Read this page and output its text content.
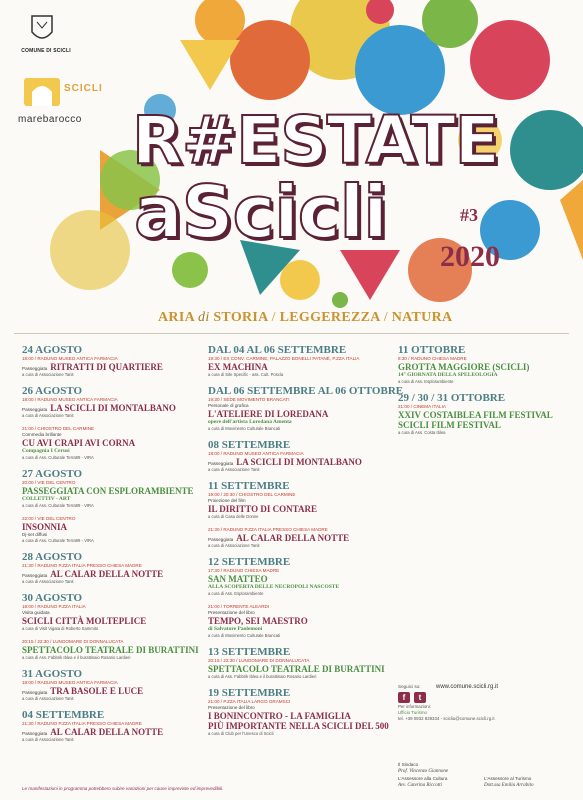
COMUNE DI SCICLI
SCICLI
marebarocco R#ESTATE
aScicli	#3
2020
ARIA di STORIA / LEGGEREZZA / NATURA
24 AGOSTO
18:00 / RADUNO MUSEO ANTICA FARMACIA
Passeggiata RITRATTI DI QUARTIERE
a cura di Associazione Tanit
26 AGOSTO
18:00 / RADUNO MUSEO ANTICA FARMACIA
Passeggiata LA SCICLI DI MONTALBANO
a cura di Associazione Tanit
21:00 / CHIOSTRO DEL CARMINE
Commedia brillante
CU AVI CRAPI AVI CORNA
Compagnia I Cerusi
a cura di Ass. Culturale Terra99 - VIRA
27 AGOSTO
20:00 / VIE DEL CENTRO
PASSEGGIATA CON ESPLORAMBIENTE
COLLETTIV - ART
a cura di Ass. Culturale Terra99 - VIRA
22:00 / VIE DEL CENTRO
INSONNIA
Dj-set diffusi
a cura di Ass. Culturale Terra99 - VIRA
28 AGOSTO
21:30 / RADUNO P.ZZA ITALIA PRESSO CHIESA MADRE
Passeggiata AL CALAR DELLA NOTTE
a cura di Associazione Tanit
30 AGOSTO
18:00 / RADUNO P.ZZA ITALIA
Visita guidata
SCICLI CITTÀ MOLTEPLICE
a cura di Visit Vigata di Roberto Sammito
20:15 / 22:30 / LUNGOMARE DI DONNALUCATA
SPETTACOLO TEATRALE DI BURATTINI
a cura di Ass. Fabbrik Iblea e il burattinaio Rosario Lardieri
31 AGOSTO
18:00 / RADUNO MUSEO ANTICA FARMACIA
Passeggiata TRA BASOLE E LUCE
a cura di Associazione Tanit
04 SETTEMBRE
21:30 / RADUNO P.ZZA ITALIA PRESSO CHIESA MADRE
Passeggiata AL CALAR DELLA NOTTE
a cura di Associazione Tanit
DAL 04 AL 06 SETTEMBRE
19:30 / EX CONV. CARMINE, PALAZZO BONELLI PATANÈ, P.ZZA ITALIA
EX MACHINA
a cura di Site Specific - ass. Cult. Poscla
DAL 06 SETTEMBRE AL 06 OTTOBRE
19:30 / SEDE MOVIMENTO BRANCATI
Personale di grafica
L'ATELIERE DI LOREDANA
opere dell'artista Loredana Amenta
a cura di Movimento Culturale Brancati
08 SETTEMBRE
18:00 / RADUNO MUSEO ANTICA FARMACIA
Passeggiata LA SCICLI DI MONTALBANO
a cura di Associazione Tanit
11 SETTEMBRE
19:00 / 20:30 / CHIOSTRO DEL CARMINE
Proiezione del film
IL DIRITTO DI CONTARE
a cura di Casa delle Donne
21:30 / RADUNO P.ZZA ITALIA PRESSO CHIESA MADRE
Passeggiata AL CALAR DELLA NOTTE
a cura di Associazione Tanit
12 SETTEMBRE
17:30 / RADUNO CHIESA MADRE
SAN MATTEO
ALLA SCOPERTA DELLE NECROPOLI NASCOSTE
a cura di Ass. Esplorambiente
21:00 / TORRENTE ALEARDI
Presentazione del libro
TEMPO, SEI MAESTRO
di Salvatore Paolemoni
a cura di Movimento Culturale Brancati
13 SETTEMBRE
20:15 / 22:30 / LUNGOMARE DI DONNALUCATA
SPETTACOLO TEATRALE DI BURATTINI
a cura di Ass. Fabbrik Iblea e il burattinaio Rosario Lardieri
19 SETTEMBRE
21:00 / P.ZZA ITALIA LARGO GRAMSCI
Presentazione del libro
I BONINCONTRO - LA FAMIGLIA
PIÙ IMPORTANTE NELLA SCICLI DEL 500
a cura di Club per l'Unesco di Scicli
11 OTTOBRE
8:30 / RADUNO CHIESA MADRE
GROTTA MAGGIORE (SCICLI)
14° GIORNATA DELLA SPELEOLOGIA
a cura di Ass. Esplorambiente
29 / 30 / 31 OTTOBRE
21:00 / CINEMA ITALIA
XXIV COSTAIBLEA FILM FESTIVAL
SCICLI FILM FESTIVAL
a cura di Ass. Costa Iblea
Seguici su:
f	t
www.comune.scicli.rg.it
Per informazioni:
Ufficio Turismo
tel. +39 0932 839334 - scicliu@comune.scicli.rg.it
Il Sindaco
Prof. Vincenzo Giannone
L'Assessore alla Cultura
Avv. Caterina Riccotti
L'Assessore al Turismo
Dott.ssa Emilia Arrabito
Le manifestazioni in programma potrebbero subire variazioni per cause impreviste ed imprevedibili.
